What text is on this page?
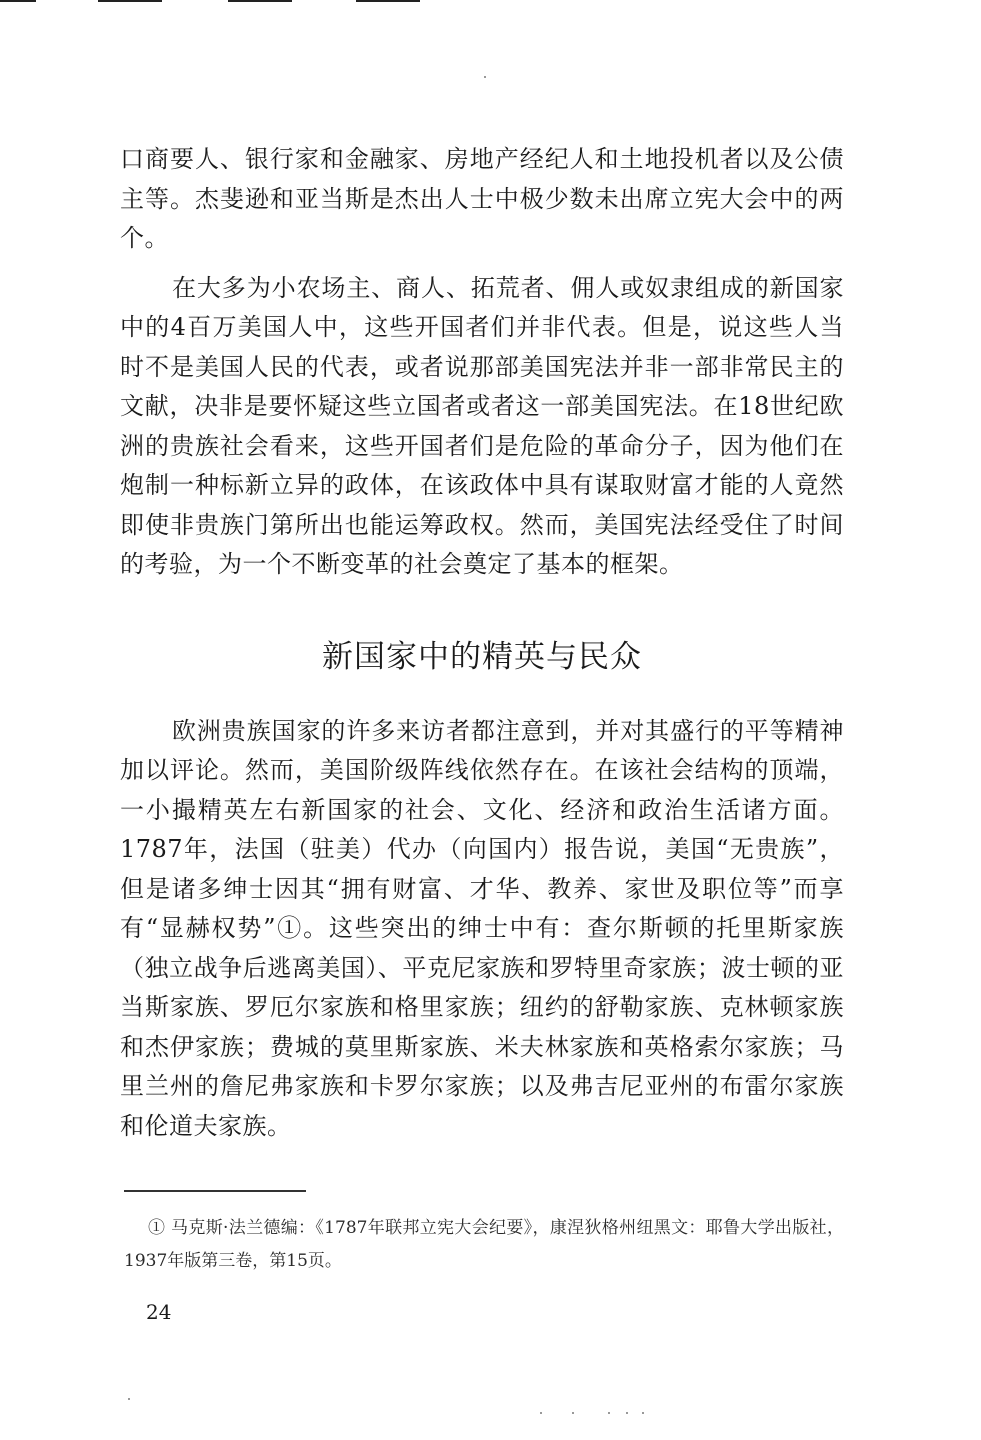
口商要人、银行家和金融家、房地产经纪人和土地投机者以及公债主等。杰斐逊和亚当斯是杰出人士中极少数未出席立宪大会中的两个。

在大多为小农场主、商人、拓荒者、佣人或奴隶组成的新国家中的4百万美国人中，这些开国者们并非代表。但是，说这些人当时不是美国人民的代表，或者说那部美国宪法并非一部非常民主的文献，决非是要怀疑这些立国者或者这一部美国宪法。在18世纪欧洲的贵族社会看来，这些开国者们是危险的革命分子，因为他们在炮制一种标新立异的政体，在该政体中具有谋取财富才能的人竟然即使非贵族门第所出也能运筹政权。然而，美国宪法经受住了时间的考验，为一个不断变革的社会奠定了基本的框架。

新国家中的精英与民众

欧洲贵族国家的许多来访者都注意到，并对其盛行的平等精神加以评论。然而，美国阶级阵线依然存在。在该社会结构的顶端，一小撮精英左右新国家的社会、文化、经济和政治生活诸方面。1787年，法国（驻美）代办（向国内）报告说，美国“无贵族”，但是诸多绅士因其“拥有财富、才华、教养、家世及职位等”而享有“显赫权势”①。这些突出的绅士中有：查尔斯顿的托里斯家族（独立战争后逃离美国）、平克尼家族和罗特里奇家族；波士顿的亚当斯家族、罗厄尔家族和格里家族；纽约的舒勒家族、克林顿家族和杰伊家族；费城的莫里斯家族、米夫林家族和英格索尔家族；马里兰州的詹尼弗家族和卡罗尔家族；以及弗吉尼亚州的布雷尔家族和伦道夫家族。

① 马克斯·法兰德编：《1787年联邦立宪大会纪要》，康涅狄格州纽黑文：耶鲁大学出版社，1937年版第三卷，第15页。

24
